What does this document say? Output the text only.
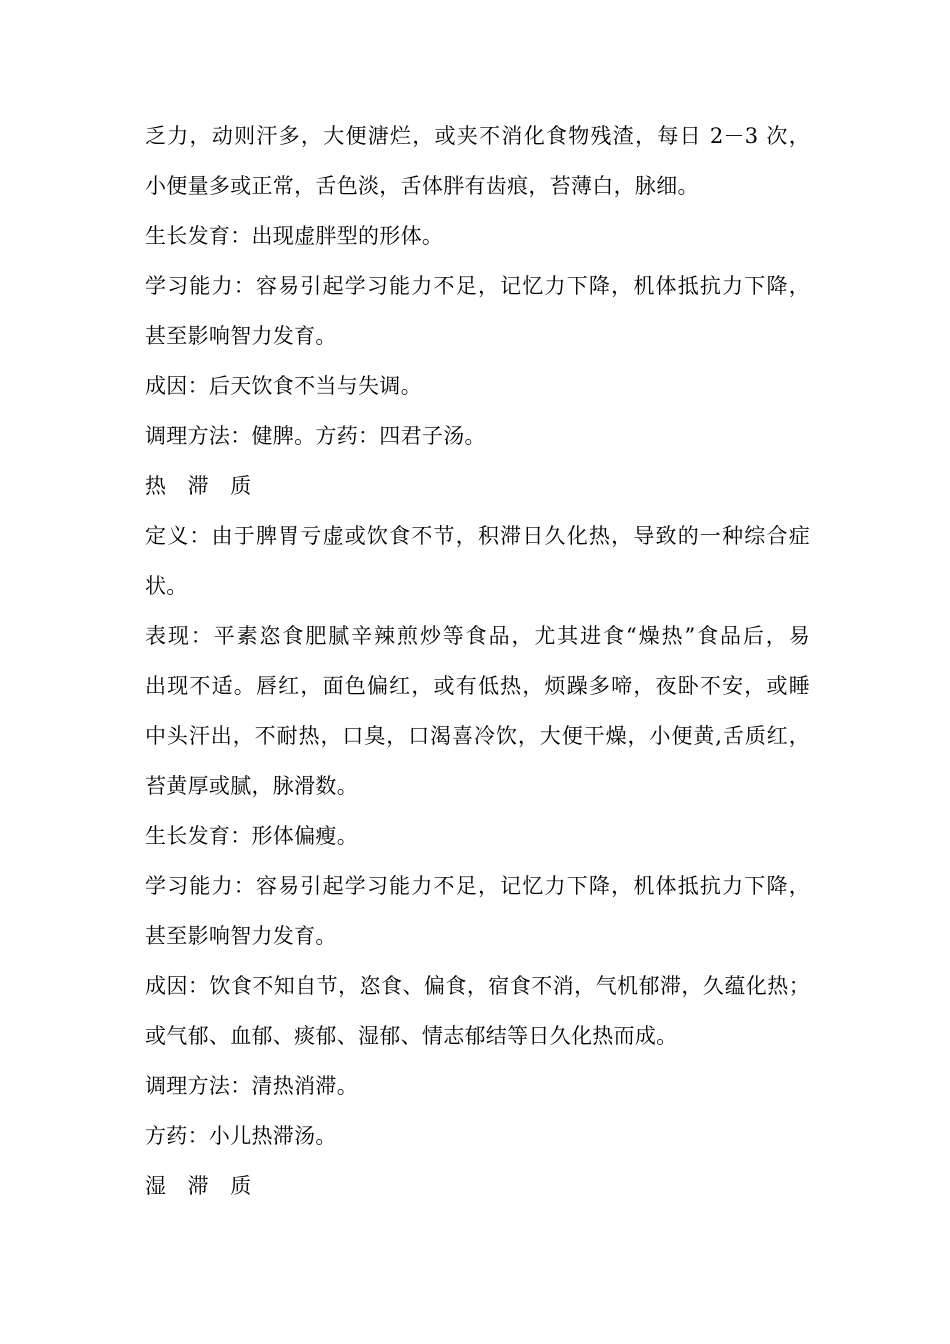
乏力，动则汗多，大便溏烂，或夹不消化食物残渣，每日 2－3 次，
小便量多或正常，舌色淡，舌体胖有齿痕，苔薄白，脉细。
生长发育：出现虚胖型的形体。
学习能力：容易引起学习能力不足，记忆力下降，机体抵抗力下降，
甚至影响智力发育。
成因：后天饮食不当与失调。
调理方法：健脾。方药：四君子汤。
热　滞　质
定义：由于脾胃亏虚或饮食不节，积滞日久化热，导致的一种综合症
状。
表现：平素恣食肥腻辛辣煎炒等食品，尤其进食“燥热”食品后，易
出现不适。唇红，面色偏红，或有低热，烦躁多啼，夜卧不安，或睡
中头汗出，不耐热，口臭，口渴喜冷饮，大便干燥，小便黄,舌质红，
苔黄厚或腻，脉滑数。
生长发育：形体偏瘦。
学习能力：容易引起学习能力不足，记忆力下降，机体抵抗力下降，
甚至影响智力发育。
成因：饮食不知自节，恣食、偏食，宿食不消，气机郁滞，久蕴化热；
或气郁、血郁、痰郁、湿郁、情志郁结等日久化热而成。
调理方法：清热消滞。
方药：小儿热滞汤。
湿　滞　质
